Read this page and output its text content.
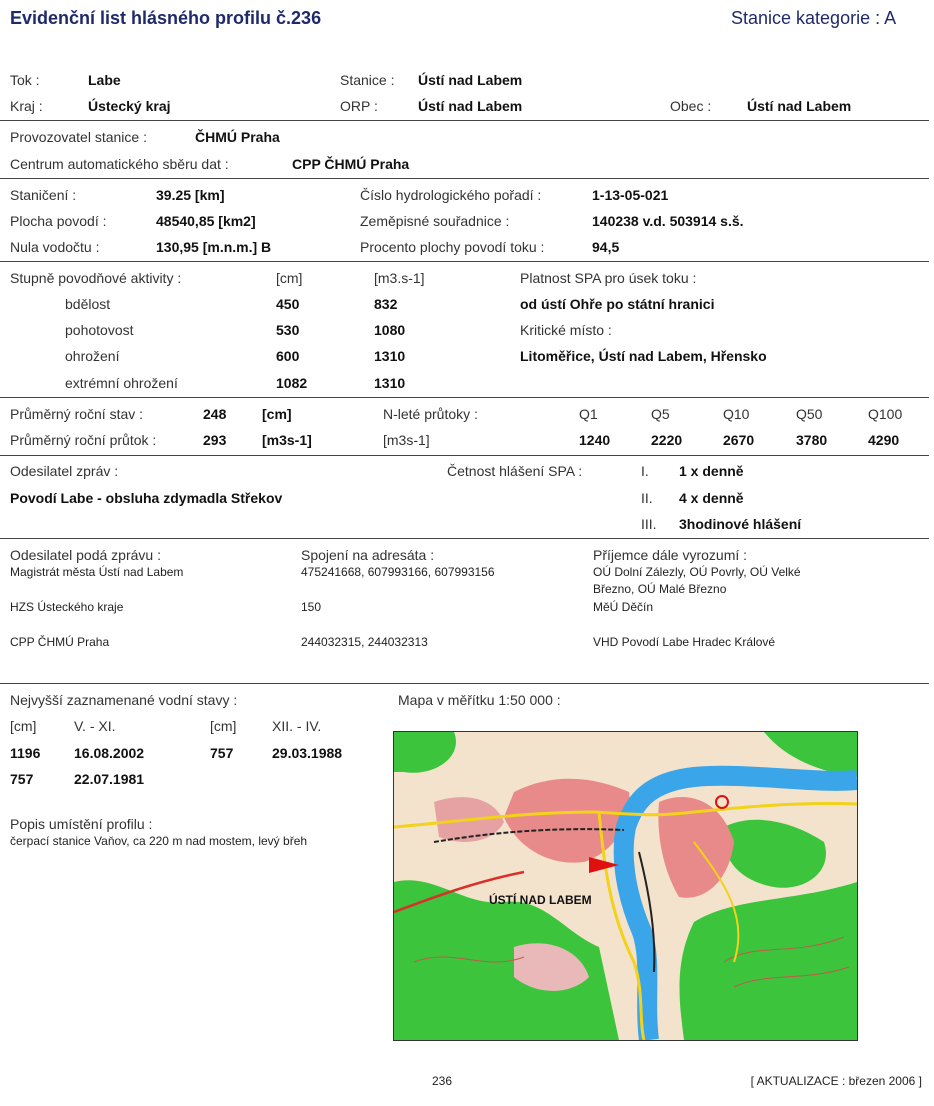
Evidenční list hlásného profilu č.236	Stanice kategorie : A
Tok :	Labe	Stanice : Ústí nad Labem
Kraj :	Ústecký kraj	ORP :	Ústí nad Labem	Obec :	Ústí nad Labem
Provozovatel stanice :	ČHMÚ Praha
Centrum automatického sběru dat :	CPP ČHMÚ Praha
Staničení :	39.25 [km]
Plocha povodí :	48540,85 [km2]
Nula vodočtu :	130,95 [m.n.m.] B
Číslo hydrologického pořadí :	1-13-05-021
Zeměpisné souřadnice :	140238 v.d. 503914 s.š.
Procento plochy povodí toku :	94,5
Stupně povodňové aktivity :	[cm]	[m3.s-1]
bdělost	450	832
pohotovost	530	1080
ohrožení	600	1310
extrémní ohrožení	1082	1310
Platnost SPA pro úsek toku :
od ústí Ohře po státní hranici
Kritické místo :
Litoměřice, Ústí nad Labem, Hřensko
Průměrný roční stav :	248	[cm]
Průměrný roční průtok :	293	[m3s-1]
N-leté průtoky :
[m3s-1]
Q1	Q5	Q10	Q50	Q100
1240	2220	2670	3780	4290
Odesilatel zpráv :
Povodí Labe - obsluha zdymadla Střekov
Četnost hlášení SPA :	I. 1 x denně
II. 4 x denně
III. 3hodinové hlášení
Odesilatel podá zprávu :	Spojení na adresáta :	Příjemce dále vyrozumí :
Magistrát města Ústí nad Labem	475241668, 607993166, 607993156	OÚ Dolní Zálezly, OÚ Povrly, OÚ Velké Březno, OÚ Malé Březno
HZS Ústeckého kraje	150	MěÚ Děčín
CPP ČHMÚ Praha	244032315, 244032313	VHD Povodí Labe Hradec Králové
Nejvyšší zaznamenané vodní stavy :
[cm]	V. - XI.	[cm]	XII. - IV.
1196 16.08.2002	757	29.03.1988
757	22.07.1981
Popis umístění profilu :
čerpací stanice Vaňov, ca 220 m nad mostem, levý břeh
Mapa v měřítku 1:50 000 :
ÚSTÍ NAD LABEM
236	[ AKTUALIZACE : březen 2006 ]
